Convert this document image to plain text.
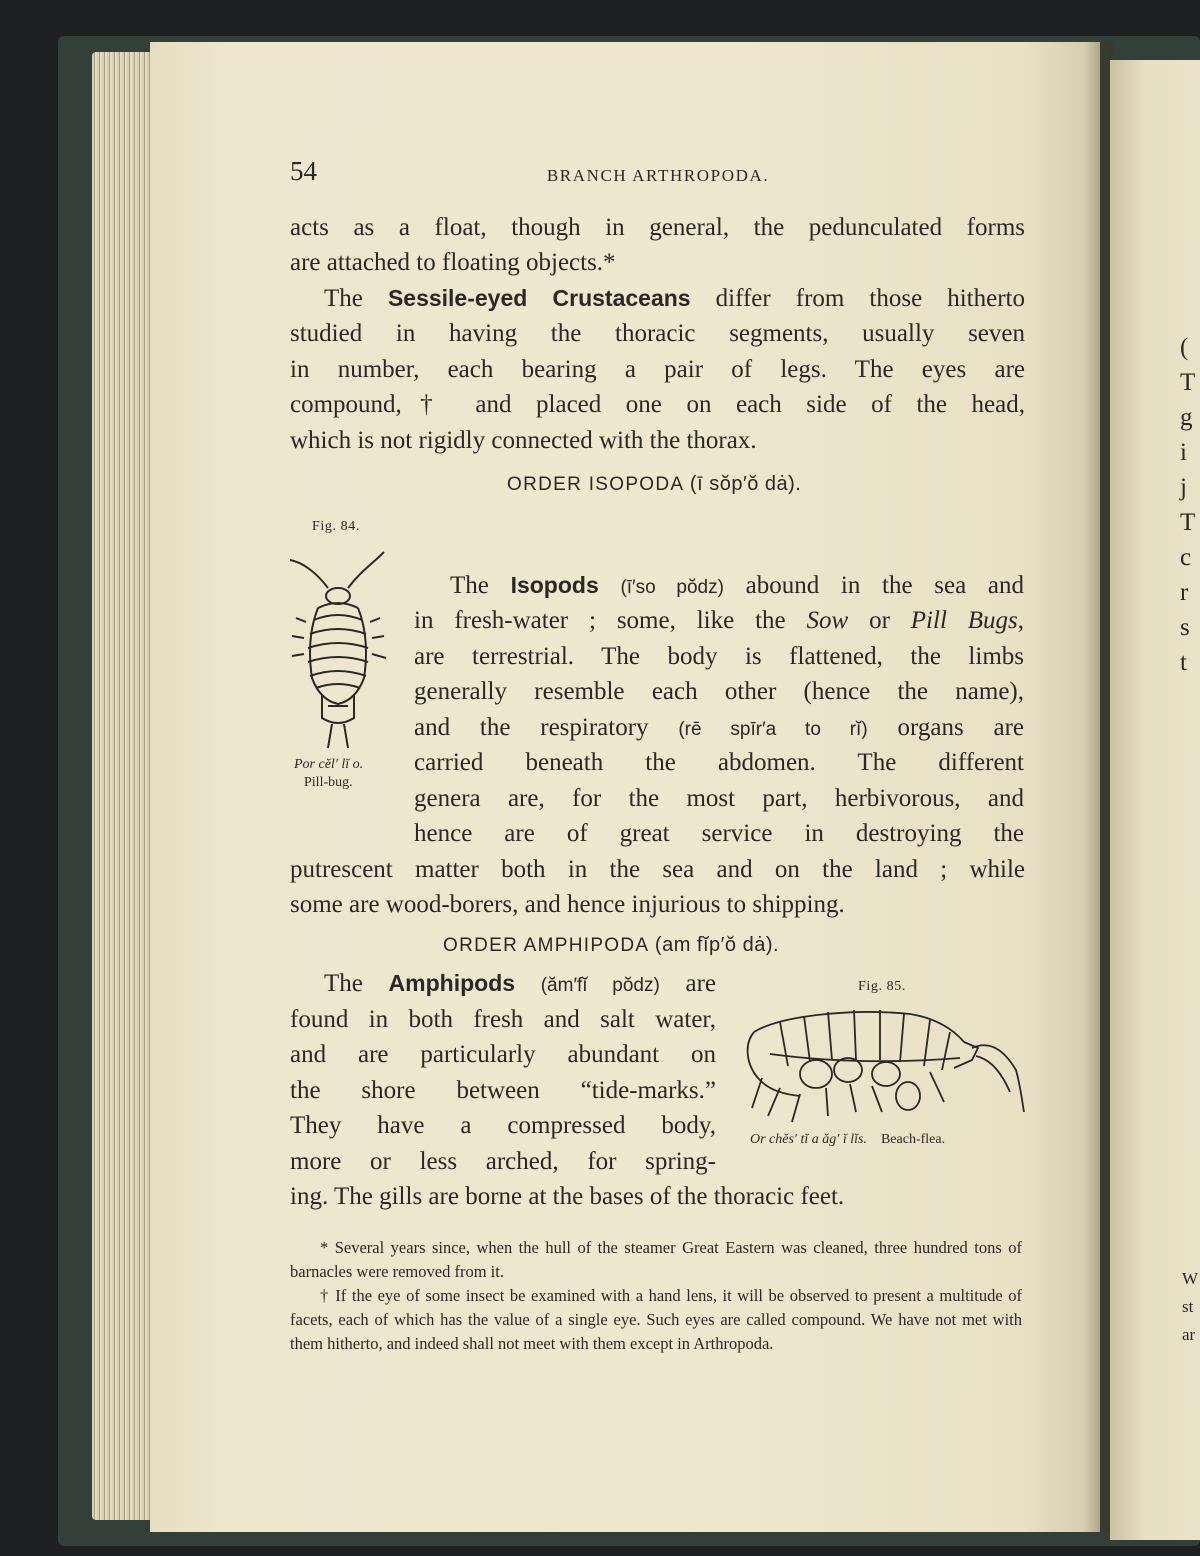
(
T
g
i
j
T
c
r
s
t
W
st
ar
54	BRANCH ARTHROPODA.
acts as a float, though in general, the pedunculated forms
are attached to floating objects.*
The Sessile-eyed Crustaceans differ from those hitherto
studied in having the thoracic segments, usually seven
in number, each bearing a pair of legs. The eyes are
compound,† and placed one on each side of the head,
which is not rigidly connected with the thorax.
ORDER ISOPODA (ī sŏp′ŏ dȧ).
Fig. 84.
Por cĕl′ lĭ o.
Pill-bug.
The Isopods (ī′so pŏdz) abound in the sea and
in fresh-water ; some, like the Sow or Pill Bugs,
are terrestrial. The body is flattened, the limbs
generally resemble each other (hence the name),
and the respiratory (rē spīr′a to rĭ) organs are
carried beneath the abdomen. The different
genera are, for the most part, herbivorous, and
hence are of great service in destroying the
putrescent matter both in the sea and on the land ; while
some are wood-borers, and hence injurious to shipping.
ORDER AMPHIPODA (am fĭp′ŏ dȧ).
Fig. 85.
Or chĕs′ tĭ a ăg′ ĭ lĭs. Beach-flea.
The Amphipods (ăm′fĭ pŏdz) are
found in both fresh and salt water,
and are particularly abundant on
the shore between “tide-marks.”
They have a compressed body,
more or less arched, for spring-
ing. The gills are borne at the bases of the thoracic feet.

* Several years since, when the hull of the steamer Great Eastern was cleaned, three hundred tons of barnacles were removed from it.

† If the eye of some insect be examined with a hand lens, it will be observed to present a multitude of facets, each of which has the value of a single eye. Such eyes are called compound. We have not met with them hitherto, and indeed shall not meet with them except in Arthropoda.
